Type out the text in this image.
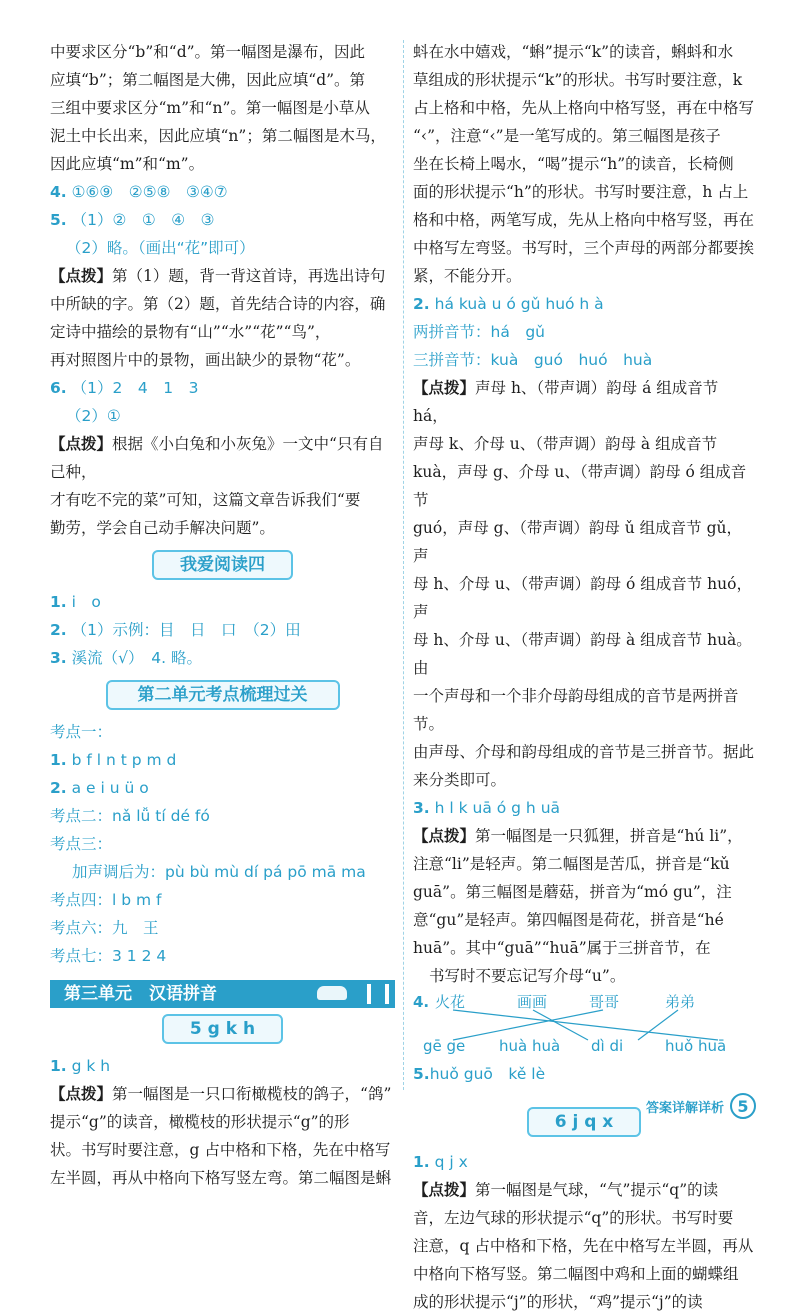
中要求区分“b”和“d”。第一幅图是瀑布，因此

应填“b”；第二幅图是大佛，因此应填“d”。第

三组中要求区分“m”和“n”。第一幅图是小草从

泥土中长出来，因此应填“n”；第二幅图是木马，

因此应填“m”和“m”。

4. ①⑥⑨　②⑤⑧　③④⑦

5. （1）②　①　④　③

（2）略。（画出“花”即可）

【点拨】第（1）题，背一背这首诗，再选出诗句

中所缺的字。第（2）题，首先结合诗的内容，确

定诗中描绘的景物有“山”“水”“花”“鸟”，

再对照图片中的景物，画出缺少的景物“花”。

6. （1）2　4　1　3

（2）①

【点拨】根据《小白兔和小灰兔》一文中“只有自己种，

才有吃不完的菜”可知，这篇文章告诉我们“要

勤劳，学会自己动手解决问题”。

我爱阅读四

1. i　o

2. （1）示例：目　日　口　（2）田

3. 溪流（√）　4. 略。

第二单元考点梳理过关

考点一：

1. b f l n t p m d

2. a e i u ü o

考点二：nǎ lǚ tí dé fó

考点三：

加声调后为：pù bù mù dí pá pō mā ma

考点四：l b m f

考点六：九　王

考点七：3 1 2 4

第三单元　汉语拼音
5 g k h

1. g k h

【点拨】第一幅图是一只口衔橄榄枝的鸽子，“鸽”

提示“g”的读音，橄榄枝的形状提示“g”的形

状。书写时要注意，g 占中格和下格，先在中格写

左半圆，再从中格向下格写竖左弯。第二幅图是蝌

蚪在水中嬉戏，“蝌”提示“k”的读音，蝌蚪和水

草组成的形状提示“k”的形状。书写时要注意，k

占上格和中格，先从上格向中格写竖，再在中格写

“‹”，注意“‹”是一笔写成的。第三幅图是孩子

坐在长椅上喝水，“喝”提示“h”的读音，长椅侧

面的形状提示“h”的形状。书写时要注意，h 占上

格和中格，两笔写成，先从上格向中格写竖，再在

中格写左弯竖。书写时，三个声母的两部分都要挨

紧，不能分开。

2. há kuà u ó gǔ huó h à

两拼音节：há　gǔ

三拼音节：kuà　guó　huó　huà

【点拨】声母 h、（带声调）韵母 á 组成音节 há，

声母 k、介母 u、（带声调）韵母 à 组成音节

kuà，声母 g、介母 u、（带声调）韵母 ó 组成音节

guó，声母 g、（带声调）韵母 ǔ 组成音节 gǔ，声

母 h、介母 u、（带声调）韵母 ó 组成音节 huó，声

母 h、介母 u、（带声调）韵母 à 组成音节 huà。由

一个声母和一个非介母韵母组成的音节是两拼音节。

由声母、介母和韵母组成的音节是三拼音节。据此

来分类即可。

3. h l k uā ó g h uā

【点拨】第一幅图是一只狐狸，拼音是“hú li”，

注意“li”是轻声。第二幅图是苦瓜，拼音是“kǔ

guā”。第三幅图是蘑菇，拼音为“mó gu”，注

意“gu”是轻声。第四幅图是荷花，拼音是“hé

huā”。其中“guā”“huā”属于三拼音节，在

书写时不要忘记写介母“u”。

4. 火花	画画	哥哥	弟弟
gē ge huà huà dì di	huǒ huā

5.huǒ guō　kě lè

6 j q x

1. q j x

【点拨】第一幅图是气球，“气”提示“q”的读

音，左边气球的形状提示“q”的形状。书写时要

注意，q 占中格和下格，先在中格写左半圆，再从

中格向下格写竖。第二幅图中鸡和上面的蝴蝶组

成的形状提示“j”的形状，“鸡”提示“j”的读

答案详解详析 5
